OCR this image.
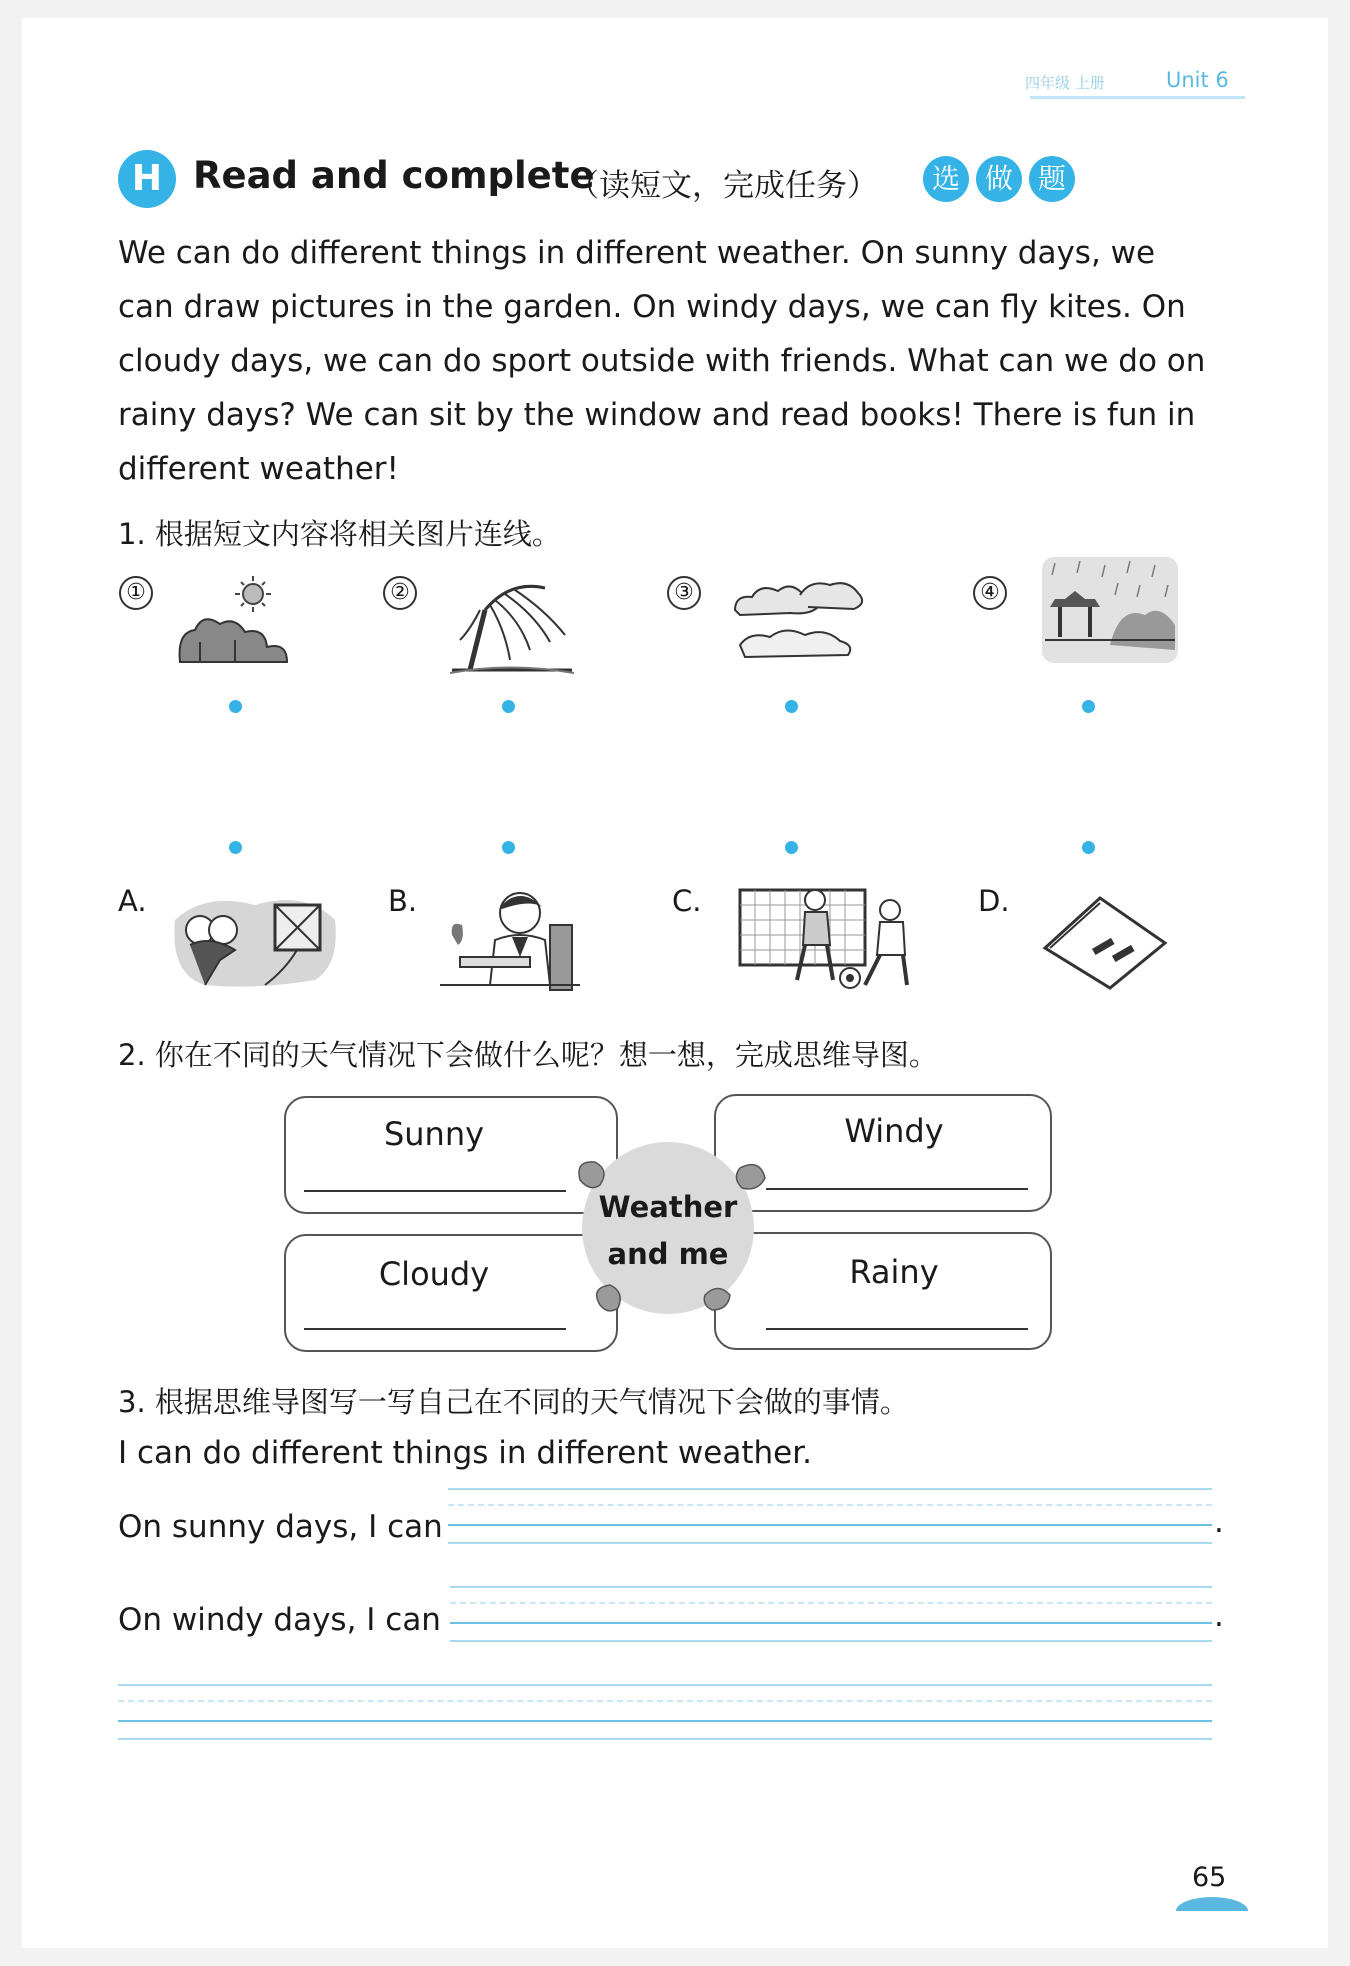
四年级 上册	Unit 6
H Read and complete
（读短文，完成任务）	选 做 题
We can do different things in different weather. On sunny days, we can draw pictures in the garden. On windy days, we can fly kites. On cloudy days, we can do sport outside with friends. What can we do on rainy days? We can sit by the window and read books! There is fun in different weather!
1. 根据短文内容将相关图片连线。
①	②	③	④
A.	B.	C.	D.
2. 你在不同的天气情况下会做什么呢？想一想，完成思维导图。
Sunny	Windy
Cloudy	Rainy
Weather
and me
3. 根据思维导图写一写自己在不同的天气情况下会做的事情。
I can do different things in different weather.
On sunny days, I can	.
On windy days, I can	.
65
